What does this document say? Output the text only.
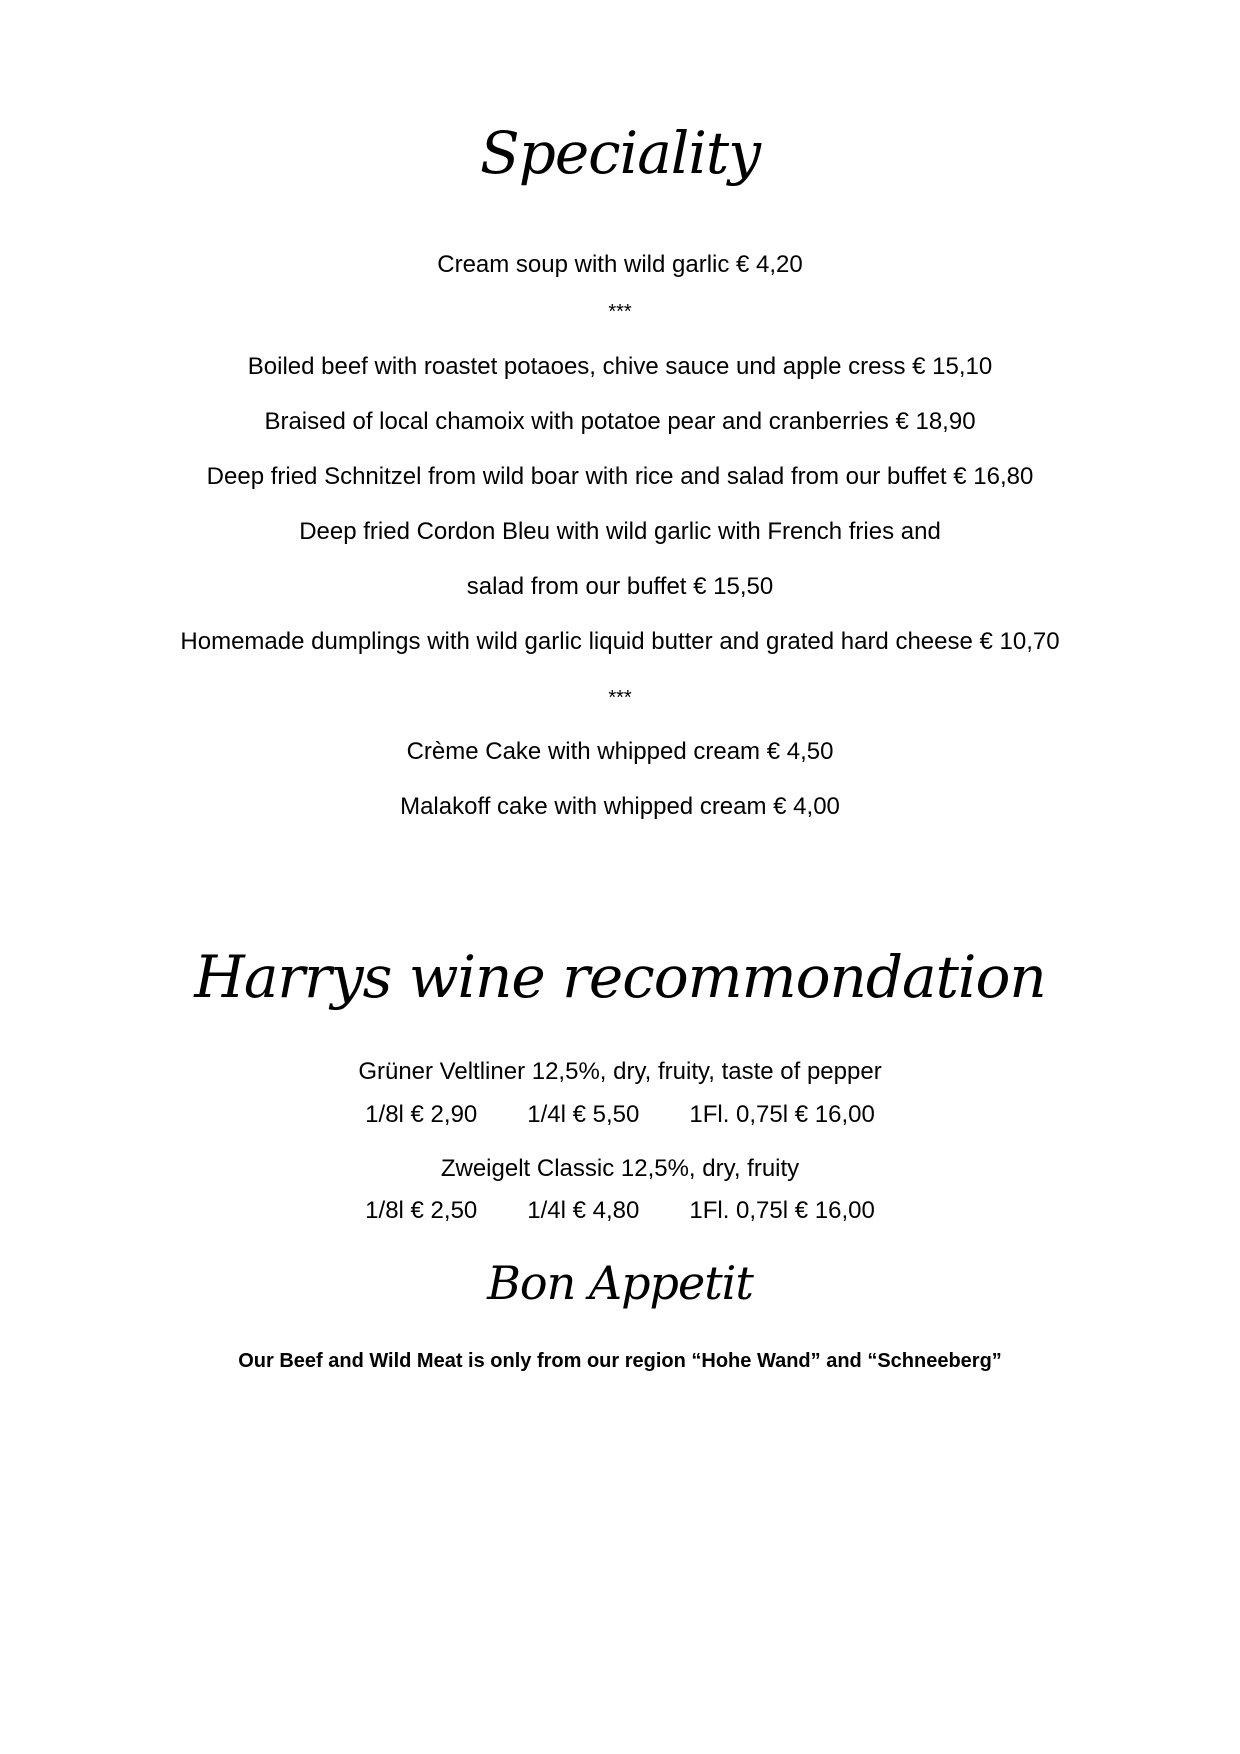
Speciality
Cream soup with wild garlic € 4,20
***
Boiled beef with roastet potaoes, chive sauce und apple cress € 15,10
Braised of local chamoix with potatoe pear and cranberries € 18,90
Deep fried Schnitzel from wild boar with rice and salad from our buffet € 16,80
Deep fried Cordon Bleu with wild garlic with French fries and
salad from our buffet € 15,50
Homemade dumplings with wild garlic liquid butter and grated hard cheese € 10,70
***
Crème Cake with whipped cream € 4,50
Malakoff cake with whipped cream € 4,00
Harrys wine recommondation
Grüner Veltliner 12,5%, dry, fruity, taste of pepper
1/8l € 2,90 1/4l € 5,50 1Fl. 0,75l € 16,00
Zweigelt Classic 12,5%, dry, fruity
1/8l € 2,50 1/4l € 4,80 1Fl. 0,75l € 16,00
Bon Appetit
Our Beef and Wild Meat is only from our region “Hohe Wand” and “Schneeberg”
